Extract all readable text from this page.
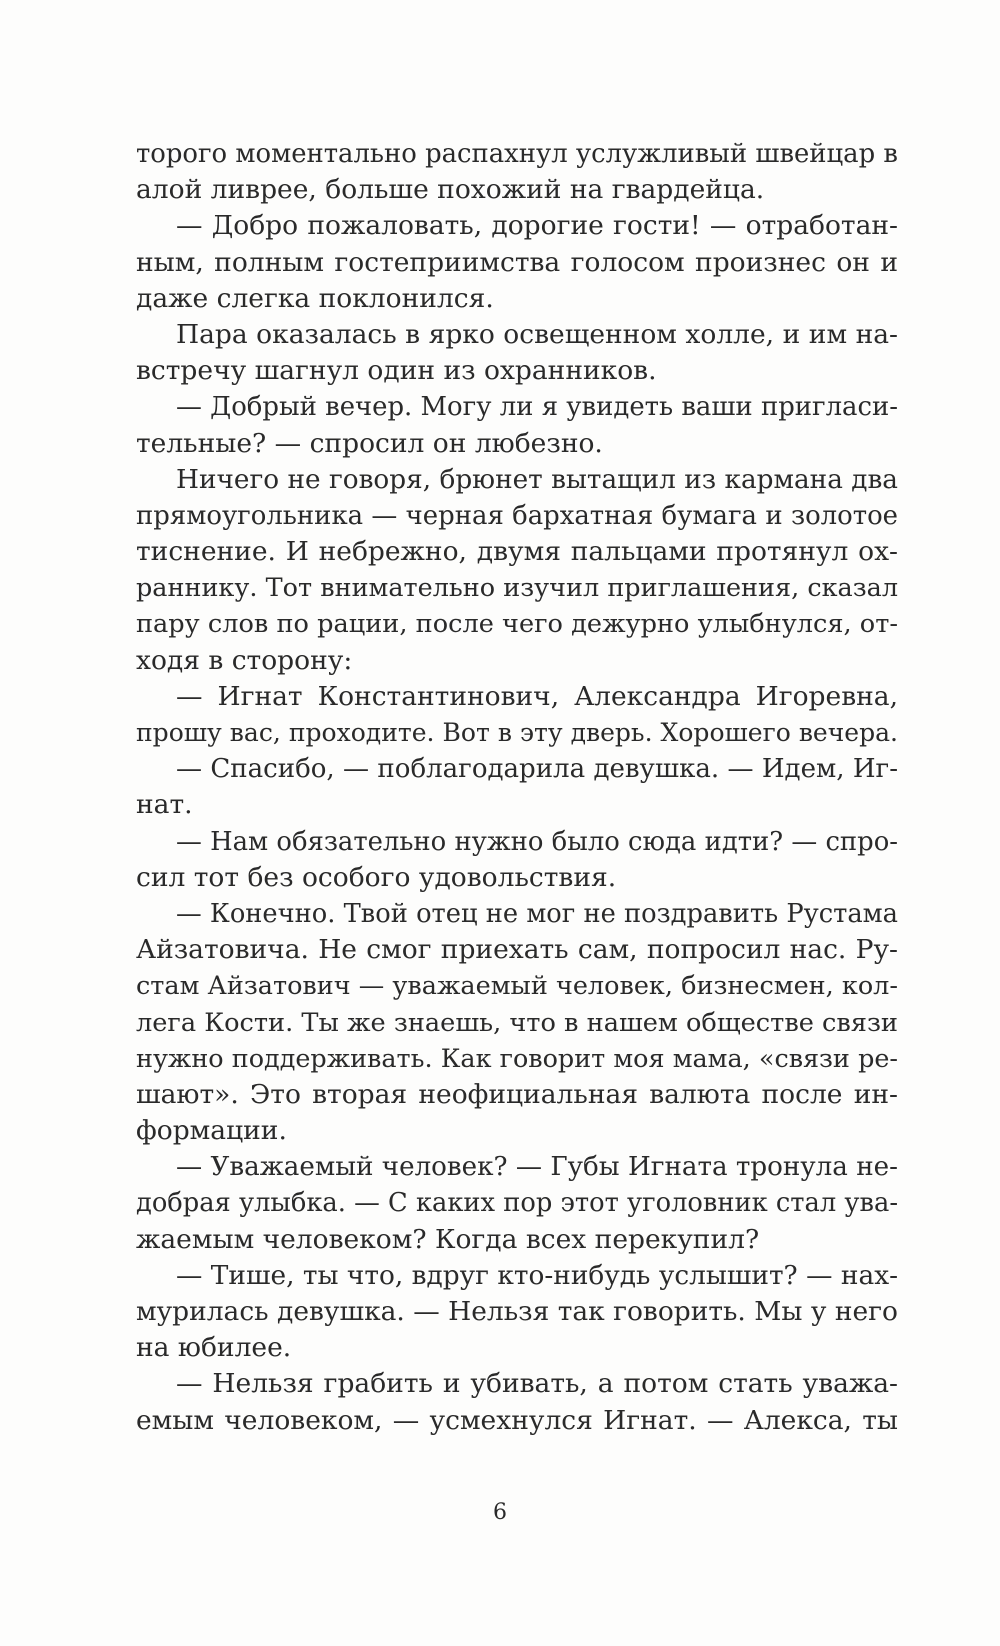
торого моментально распахнул услужливый швейцар в
алой ливрее, больше похожий на гвардейца.
— Добро пожаловать, дорогие гости! — отработан-
ным, полным гостеприимства голосом произнес он и
даже слегка поклонился.
Пара оказалась в ярко освещенном холле, и им на-
встречу шагнул один из охранников.
— Добрый вечер. Могу ли я увидеть ваши пригласи-
тельные? — спросил он любезно.
Ничего не говоря, брюнет вытащил из кармана два
прямоугольника — черная бархатная бумага и золотое
тиснение. И небрежно, двумя пальцами протянул ох-
раннику. Тот внимательно изучил приглашения, сказал
пару слов по рации, после чего дежурно улыбнулся, от-
ходя в сторону:
— Игнат Константинович, Александра Игоревна,
прошу вас, проходите. Вот в эту дверь. Хорошего вечера.
— Спасибо, — поблагодарила девушка. — Идем, Иг-
нат.
— Нам обязательно нужно было сюда идти? — спро-
сил тот без особого удовольствия.
— Конечно. Твой отец не мог не поздравить Рустама
Айзатовича. Не смог приехать сам, попросил нас. Ру-
стам Айзатович — уважаемый человек, бизнесмен, кол-
лега Кости. Ты же знаешь, что в нашем обществе связи
нужно поддерживать. Как говорит моя мама, «связи ре-
шают». Это вторая неофициальная валюта после ин-
формации.
— Уважаемый человек? — Губы Игната тронула не-
добрая улыбка. — С каких пор этот уголовник стал ува-
жаемым человеком? Когда всех перекупил?
— Тише, ты что, вдруг кто-нибудь услышит? — нах-
мурилась девушка. — Нельзя так говорить. Мы у него
на юбилее.
— Нельзя грабить и убивать, а потом стать уважа-
емым человеком, — усмехнулся Игнат. — Алекса, ты
6
